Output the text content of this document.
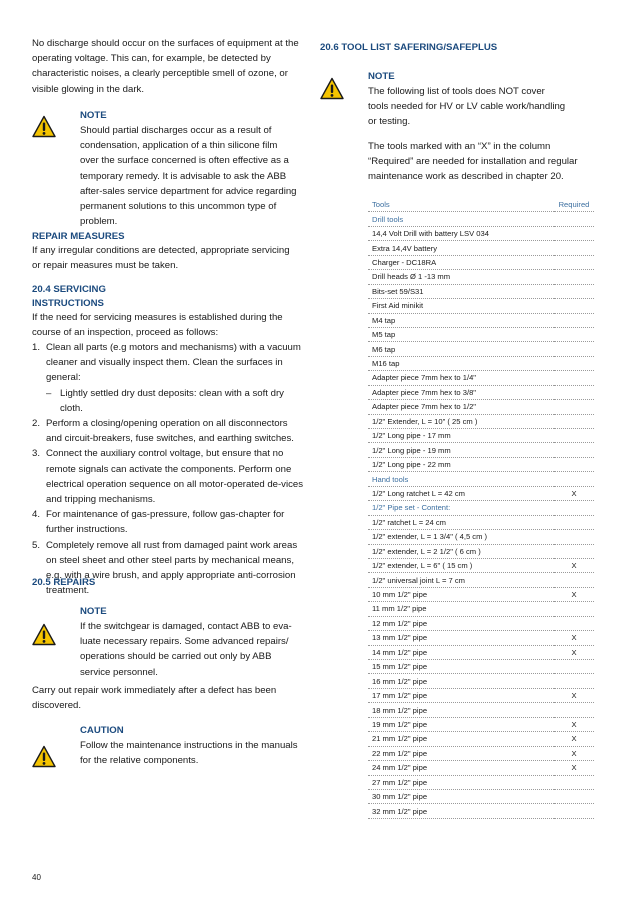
No discharge should occur on the surfaces of equipment at the operating voltage. This can, for example, be detected by characteristic noises, a clearly perceptible smell of ozone, or visible glowing in the dark.

NOTE
Should partial discharges occur as a result of
condensation, application of a thin silicone film
over the surface concerned is often effective as a
temporary remedy. It is advisable to ask the ABB
after-sales service department for advice regarding
permanent solutions to this uncommon type of
problem.
REPAIR MEASURES

If any irregular conditions are detected, appropriate servicing or repair measures must be taken.

20.4 SERVICING
INSTRUCTIONS

If the need for servicing measures is established during the course of an inspection, proceed as follows:

1. Clean all parts (e.g motors and mechanisms) with a vacuum cleaner and visually inspect them. Clean the surfaces in general:
– Lightly settled dry dust deposits: clean with a soft dry cloth.
2. Perform a closing/opening operation on all disconnectors and circuit-breakers, fuse switches, and earthing switches.
3. Connect the auxiliary control voltage, but ensure that no remote signals can activate the components. Perform one electrical operation sequence on all motor-operated de-vices and tripping mechanisms.
4. For maintenance of gas-pressure, follow gas-chapter for further instructions.
5. Completely remove all rust from damaged paint work areas on steel sheet and other steel parts by mechanical means, e.g. with a wire brush, and apply appropriate anti-corrosion treatment.
20.5 REPAIRS
NOTE
If the switchgear is damaged, contact ABB to eva-
luate necessary repairs. Some advanced repairs/
operations should be carried out only by ABB
service personnel.

Carry out repair work immediately after a defect has been discovered.

CAUTION
Follow the maintenance instructions in the manuals
for the relative components.
20.6 TOOL LIST SAFERING/SAFEPLUS
NOTE
The following list of tools does NOT cover
tools needed for HV or LV cable work/handling
or testing.
The tools marked with an “X” in the column
“Required” are needed for installation and regular
maintenance work as described in chapter 20.
Tools	Required
Drill tools	
14,4 Volt Drill with battery LSV 034	
Extra 14,4V battery	
Charger - DC18RA	
Drill heads Ø 1 -13 mm	
Bits-set 59/S31	
First Aid minikit	
M4 tap	
M5 tap	
M6 tap	
M16 tap	
Adapter piece 7mm hex to 1/4"	
Adapter piece 7mm hex to 3/8"	
Adapter piece 7mm hex to 1/2"	
1/2" Extender, L = 10" ( 25 cm )	
1/2" Long pipe - 17 mm	
1/2" Long pipe - 19 mm	
1/2" Long pipe - 22 mm	
Hand tools	
1/2" Long ratchet L = 42 cm	X
1/2" Pipe set - Content:	
1/2" ratchet L = 24 cm	
1/2" extender, L = 1 3/4" ( 4,5 cm )	
1/2" extender, L = 2 1/2" ( 6 cm )	
1/2" extender, L = 6" ( 15 cm )	X
1/2" universal joint L = 7 cm	
10 mm 1/2" pipe	X
11 mm 1/2" pipe	
12 mm 1/2" pipe	
13 mm 1/2" pipe	X
14 mm 1/2" pipe	X
15 mm 1/2" pipe	
16 mm 1/2" pipe	
17 mm 1/2" pipe	X
18 mm 1/2" pipe	
19 mm 1/2" pipe	X
21 mm 1/2" pipe	X
22 mm 1/2" pipe	X
24 mm 1/2" pipe	X
27 mm 1/2" pipe	
30 mm 1/2" pipe	
32 mm 1/2" pipe	
40
